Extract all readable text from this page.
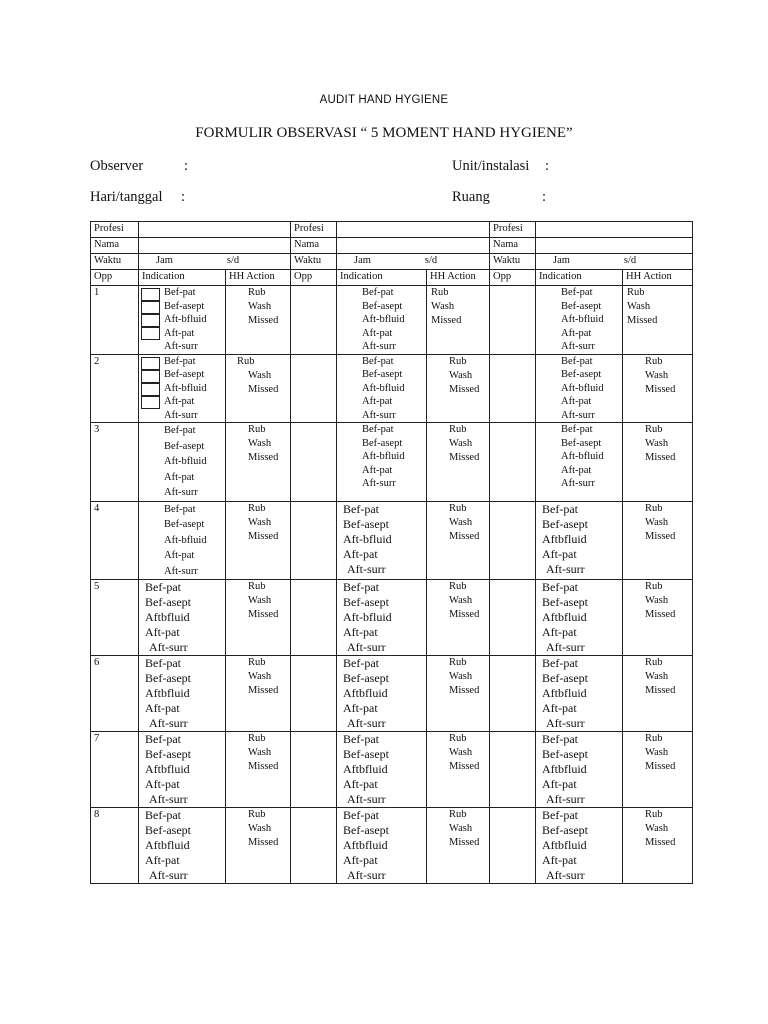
AUDIT HAND HYGIENE
FORMULIR OBSERVASI “ 5 MOMENT HAND HYGIENE”
Observer	:	Unit/instalasi :
Hari/tanggal :	Ruang	:
Profesi			Profesi			Profesi		
Nama			Nama			Nama		
Waktu	Jam s/d		Waktu	Jam s/d		Waktu	Jam s/d	
Opp	Indication	HH Action	Opp	Indication	HH Action	Opp	Indication	HH Action
1	Bef-pat
Bef-asept
Aft-bfluid
Aft-pat
Aft-surr	Rub
Wash
Missed		Bef-pat
Bef-asept
Aft-bfluid
Aft-pat
Aft-surr	Rub
Wash
Missed		Bef-pat
Bef-asept
Aft-bfluid
Aft-pat
Aft-surr	Rub
Wash
Missed

2	Bef-pat
Bef-asept
Aft-bfluid
Aft-pat
Aft-surr	Rub
Wash
Missed		Bef-pat
Bef-asept
Aft-bfluid
Aft-pat
Aft-surr	Rub
Wash
Missed		Bef-pat
Bef-asept
Aft-bfluid
Aft-pat
Aft-surr	Rub
Wash
Missed

3	Bef-pat
Bef-asept
Aft-bfluid
Aft-pat
Aft-surr	Rub
Wash
Missed		Bef-pat
Bef-asept
Aft-bfluid
Aft-pat
Aft-surr	Rub
Wash
Missed		Bef-pat
Bef-asept
Aft-bfluid
Aft-pat
Aft-surr	Rub
Wash
Missed

4	Bef-pat
Bef-asept
Aft-bfluid
Aft-pat
Aft-surr	Rub
Wash
Missed		Bef-pat
Bef-asept
Aft-bfluid
Aft-pat
Aft-surr	Rub
Wash
Missed		Bef-pat
Bef-asept
Aftbfluid
Aft-pat
Aft-surr	Rub
Wash
Missed

5	Bef-pat
Bef-asept
Aftbfluid
Aft-pat
Aft-surr	Rub
Wash
Missed		Bef-pat
Bef-asept
Aft-bfluid
Aft-pat
Aft-surr	Rub
Wash
Missed		Bef-pat
Bef-asept
Aftbfluid
Aft-pat
Aft-surr	Rub
Wash
Missed

6	Bef-pat
Bef-asept
Aftbfluid
Aft-pat
Aft-surr	Rub
Wash
Missed		Bef-pat
Bef-asept
Aftbfluid
Aft-pat
Aft-surr	Rub
Wash
Missed		Bef-pat
Bef-asept
Aftbfluid
Aft-pat
Aft-surr	Rub
Wash
Missed

7	Bef-pat
Bef-asept
Aftbfluid
Aft-pat
Aft-surr	Rub
Wash
Missed		Bef-pat
Bef-asept
Aftbfluid
Aft-pat
Aft-surr	Rub
Wash
Missed		Bef-pat
Bef-asept
Aftbfluid
Aft-pat
Aft-surr	Rub
Wash
Missed

8	Bef-pat
Bef-asept
Aftbfluid
Aft-pat
Aft-surr	Rub
Wash
Missed		Bef-pat
Bef-asept
Aftbfluid
Aft-pat
Aft-surr	Rub
Wash
Missed		Bef-pat
Bef-asept
Aftbfluid
Aft-pat
Aft-surr	Rub
Wash
Missed
